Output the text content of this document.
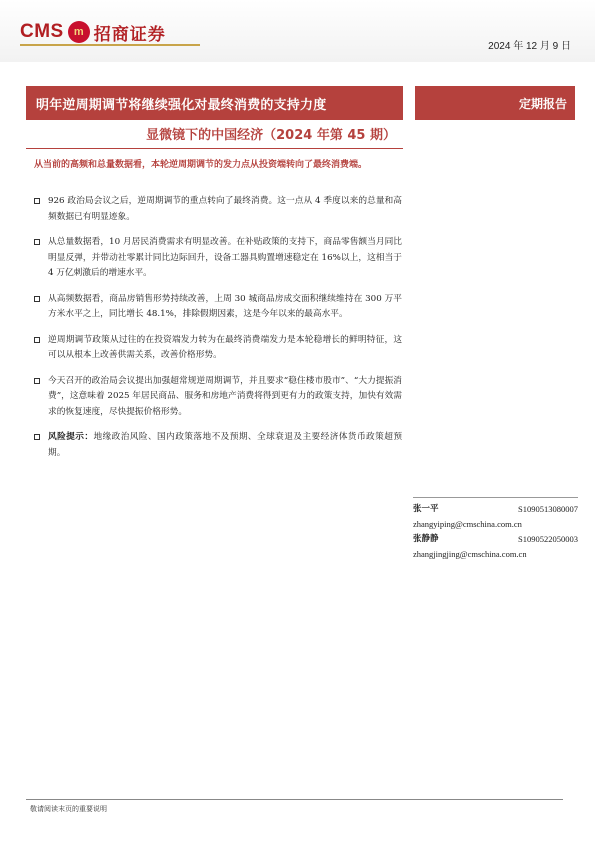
CMS m 招商证券
2024 年 12 月 9 日
明年逆周期调节将继续强化对最终消费的支持力度	定期报告
显微镜下的中国经济（2024 年第 45 期）
从当前的高频和总量数据看，本轮逆周期调节的发力点从投资端转向了最终消费端。
926 政治局会议之后，逆周期调节的重点转向了最终消费。这一点从 4 季度以来的总量和高频数据已有明显迹象。
从总量数据看，10 月居民消费需求有明显改善。在补贴政策的支持下，商品零售额当月同比明显反弹，并带动社零累计同比边际回升，设备工器具购置增速稳定在 16%以上，这相当于 4 万亿刺激后的增速水平。
从高频数据看，商品房销售形势持续改善，上周 30 城商品房成交面积继续维持在 300 万平方米水平之上，同比增长 48.1%，排除假期因素，这是今年以来的最高水平。
逆周期调节政策从过往的在投资端发力转为在最终消费端发力是本轮稳增长的鲜明特征，这可以从根本上改善供需关系，改善价格形势。
今天召开的政治局会议提出加强超常规逆周期调节，并且要求“稳住楼市股市”、“大力提振消费”，这意味着 2025 年居民商品、服务和房地产消费将得到更有力的政策支持，加快有效需求的恢复速度，尽快提振价格形势。
风险提示：地缘政治风险、国内政策落地不及预期、全球衰退及主要经济体货币政策超预期。
张一平	S1090513080007
zhangyiping@cmschina.com.cn
张静静	S1090522050003
zhangjingjing@cmschina.com.cn
敬请阅读末页的重要说明
